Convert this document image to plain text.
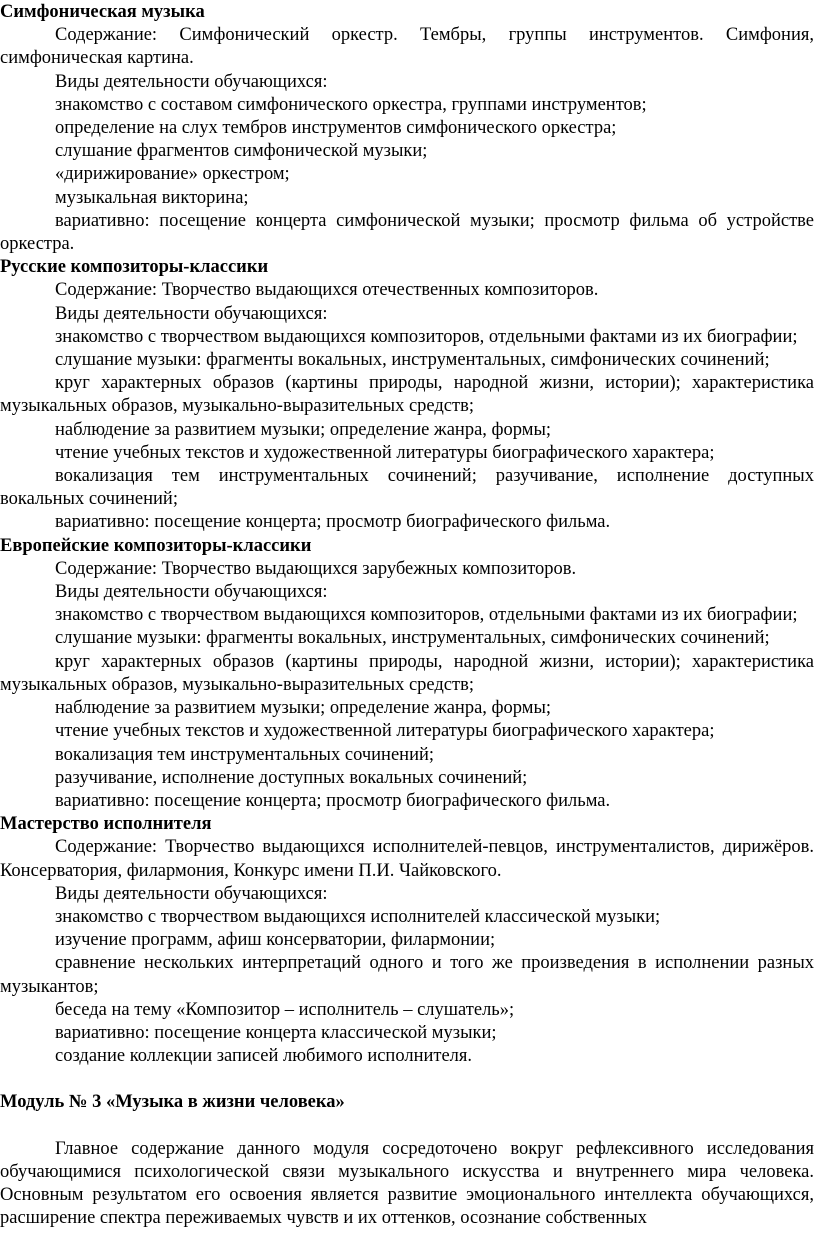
Симфоническая музыка

Содержание: Симфонический оркестр. Тембры, группы инструментов. Симфония, симфоническая картина.

Виды деятельности обучающихся:

знакомство с составом симфонического оркестра, группами инструментов;

определение на слух тембров инструментов симфонического оркестра;

слушание фрагментов симфонической музыки;

«дирижирование» оркестром;

музыкальная викторина;

вариативно: посещение концерта симфонической музыки; просмотр фильма об устройстве оркестра.

Русские композиторы-классики

Содержание: Творчество выдающихся отечественных композиторов.

Виды деятельности обучающихся:

знакомство с творчеством выдающихся композиторов, отдельными фактами из их биографии;

слушание музыки: фрагменты вокальных, инструментальных, симфонических сочинений;

круг характерных образов (картины природы, народной жизни, истории); характеристика музыкальных образов, музыкально-выразительных средств;

наблюдение за развитием музыки; определение жанра, формы;

чтение учебных текстов и художественной литературы биографического характера;

вокализация тем инструментальных сочинений; разучивание, исполнение доступных вокальных сочинений;

вариативно: посещение концерта; просмотр биографического фильма.

Европейские композиторы-классики

Содержание: Творчество выдающихся зарубежных композиторов.

Виды деятельности обучающихся:

знакомство с творчеством выдающихся композиторов, отдельными фактами из их биографии;

слушание музыки: фрагменты вокальных, инструментальных, симфонических сочинений;

круг характерных образов (картины природы, народной жизни, истории); характеристика музыкальных образов, музыкально-выразительных средств;

наблюдение за развитием музыки; определение жанра, формы;

чтение учебных текстов и художественной литературы биографического характера;

вокализация тем инструментальных сочинений;

разучивание, исполнение доступных вокальных сочинений;

вариативно: посещение концерта; просмотр биографического фильма.

Мастерство исполнителя

Содержание: Творчество выдающихся исполнителей-певцов, инструменталистов, дирижёров. Консерватория, филармония, Конкурс имени П.И. Чайковского.

Виды деятельности обучающихся:

знакомство с творчеством выдающихся исполнителей классической музыки;

изучение программ, афиш консерватории, филармонии;

сравнение нескольких интерпретаций одного и того же произведения в исполнении разных музыкантов;

беседа на тему «Композитор – исполнитель – слушатель»;

вариативно: посещение концерта классической музыки;

создание коллекции записей любимого исполнителя.

Модуль № 3 «Музыка в жизни человека»

Главное содержание данного модуля сосредоточено вокруг рефлексивного исследования обучающимися психологической связи музыкального искусства и внутреннего мира человека. Основным результатом его освоения является развитие эмоционального интеллекта обучающихся, расширение спектра переживаемых чувств и их оттенков, осознание собственных
